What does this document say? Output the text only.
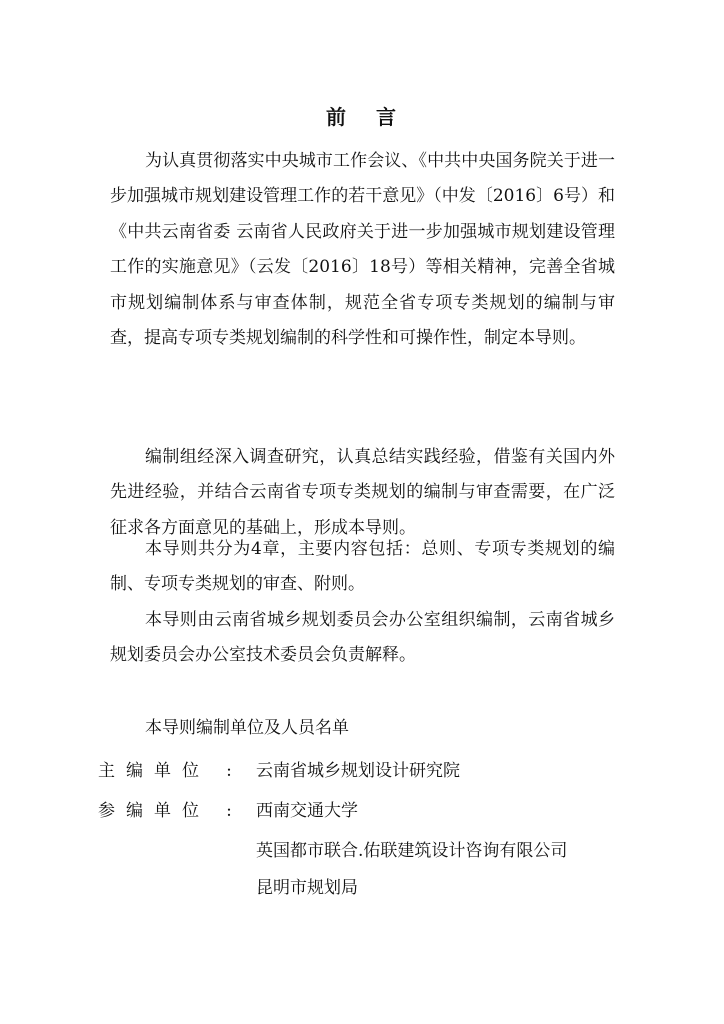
前 言

为认真贯彻落实中央城市工作会议、《中共中央国务院关于进一步加强城市规划建设管理工作的若干意见》（中发〔2016〕6号）和《中共云南省委 云南省人民政府关于进一步加强城市规划建设管理工作的实施意见》（云发〔2016〕18号）等相关精神，完善全省城市规划编制体系与审查体制，规范全省专项专类规划的编制与审查，提高专项专类规划编制的科学性和可操作性，制定本导则。

编制组经深入调查研究，认真总结实践经验，借鉴有关国内外先进经验，并结合云南省专项专类规划的编制与审查需要，在广泛征求各方面意见的基础上，形成本导则。

本导则共分为4章，主要内容包括：总则、专项专类规划的编制、专项专类规划的审查、附则。

本导则由云南省城乡规划委员会办公室组织编制，云南省城乡规划委员会办公室技术委员会负责解释。

本导则编制单位及人员名单
主编单位 :	云南省城乡规划设计研究院
参编单位 :	西南交通大学
英国都市联合.佑联建筑设计咨询有限公司
昆明市规划局
